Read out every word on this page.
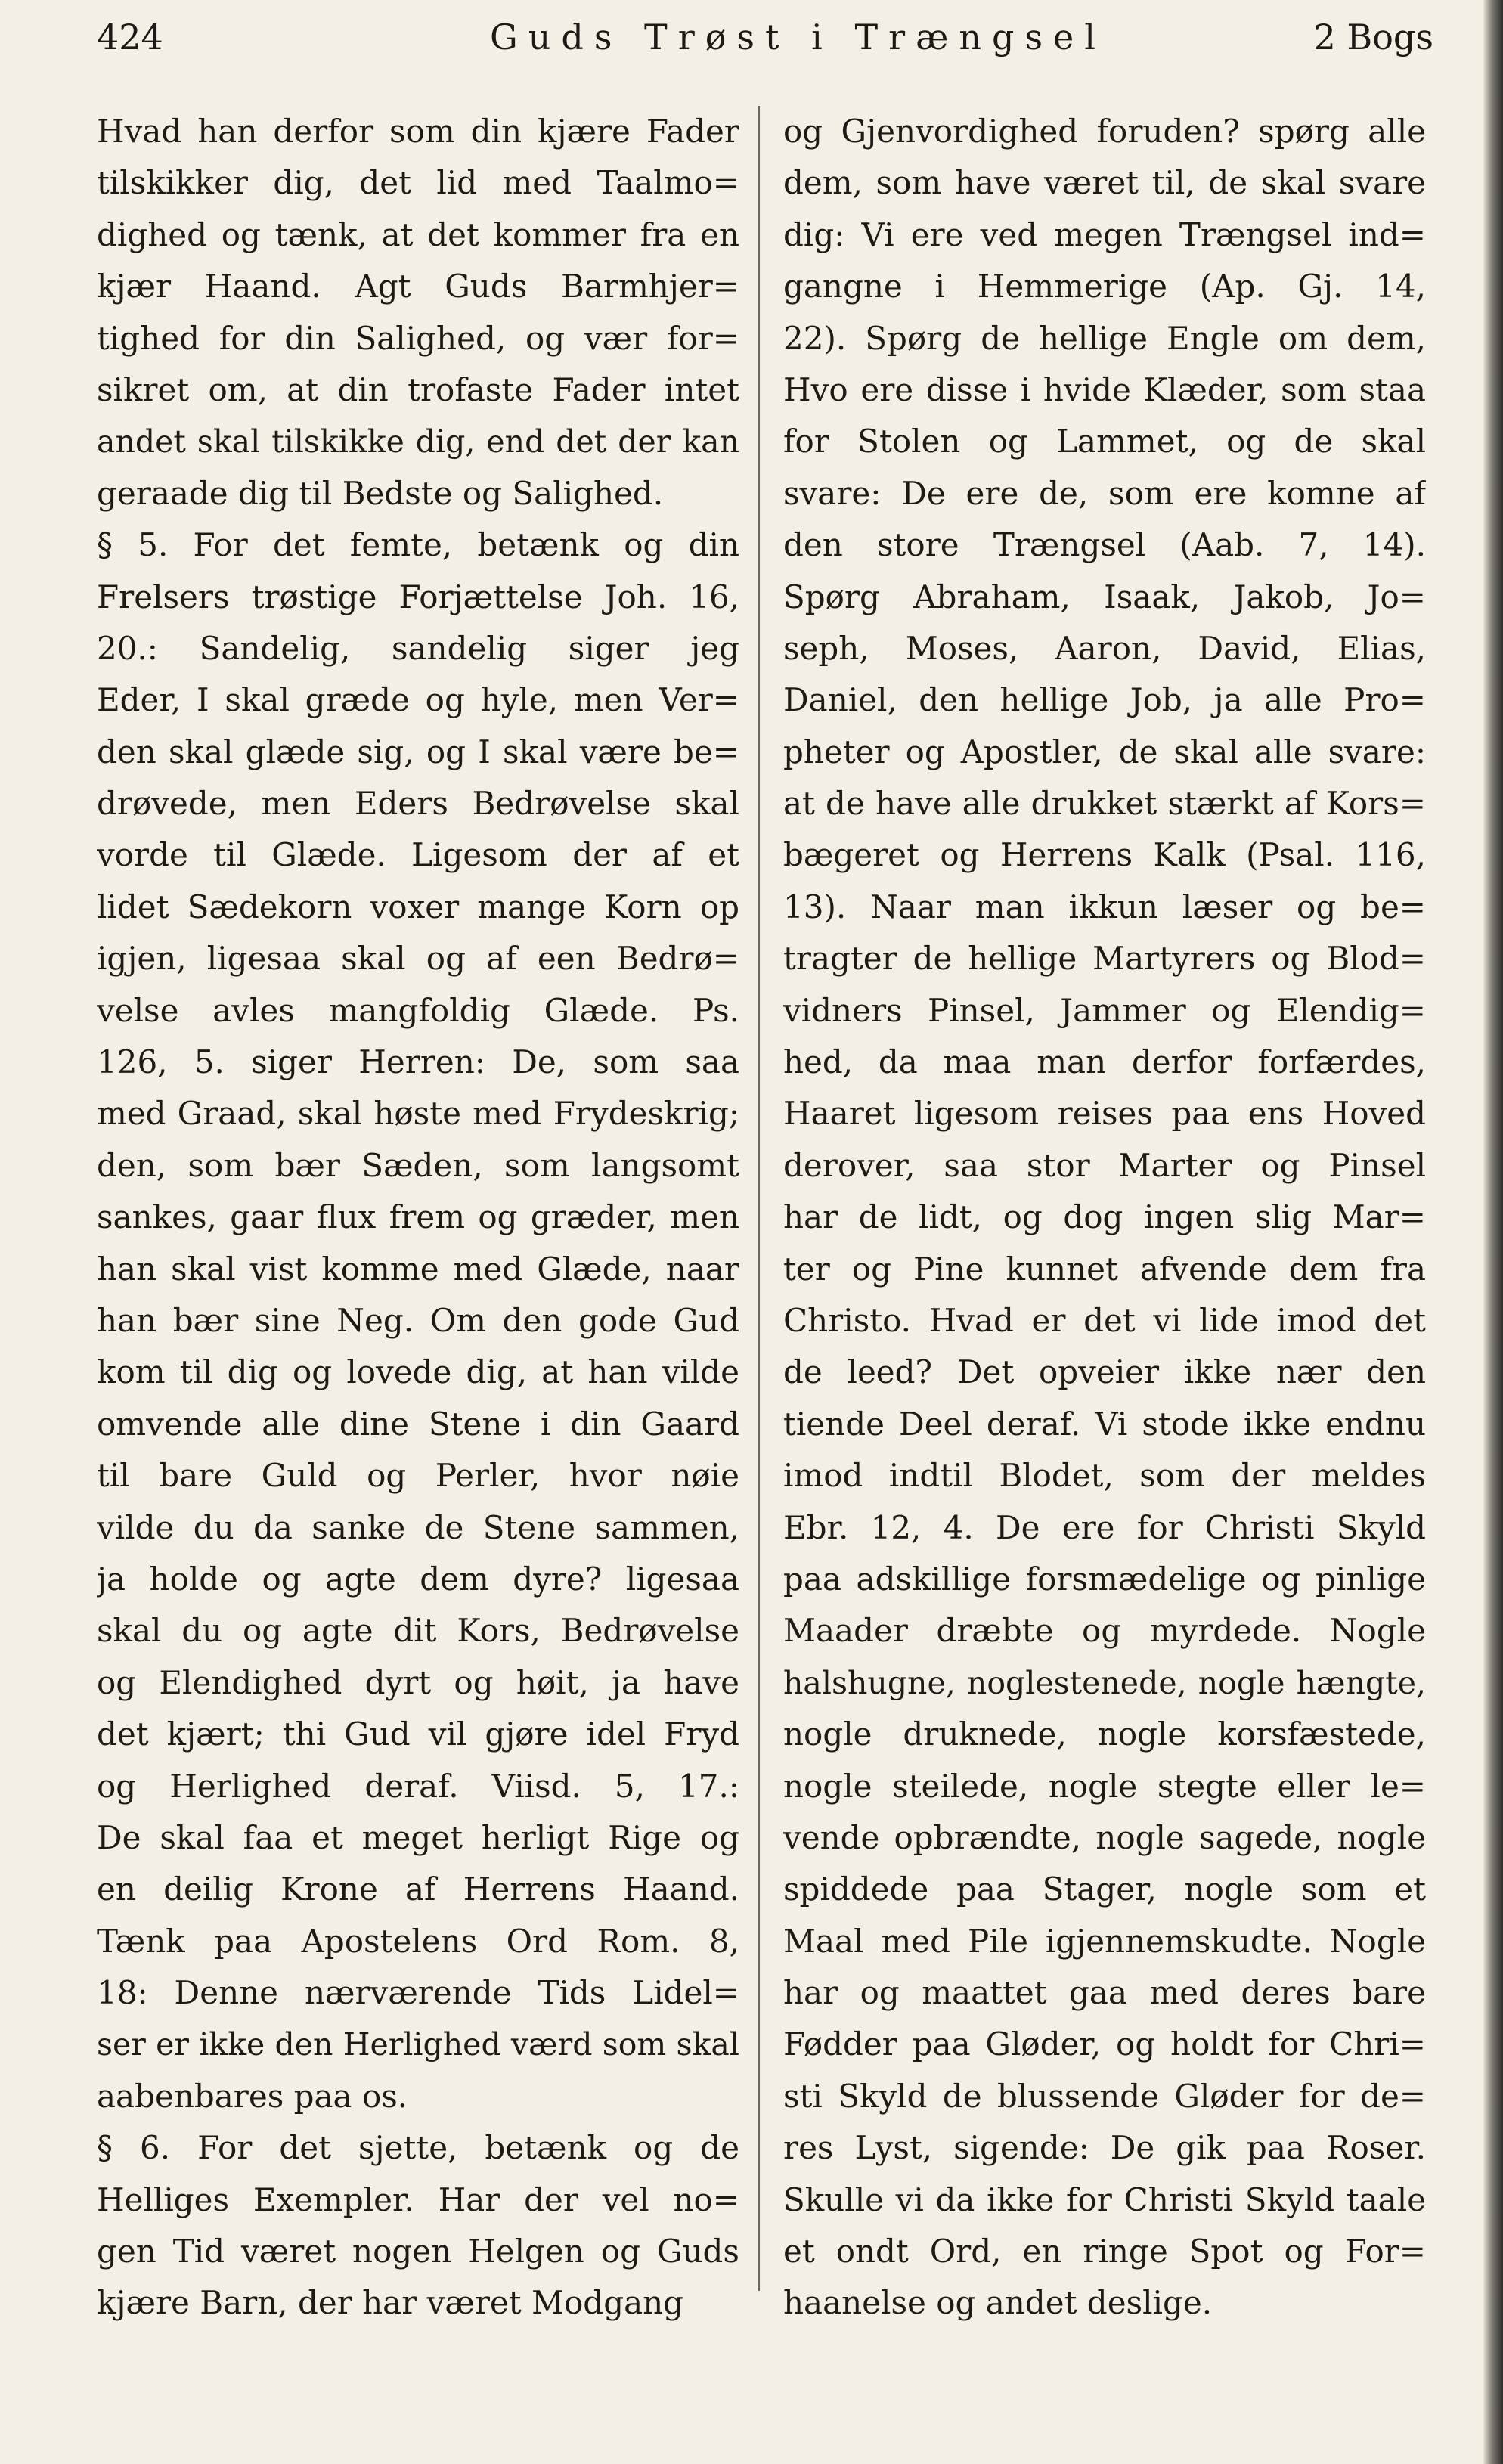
424	Guds Trøst i Trængsel	2 Bogs
Hvad han derfor som din kjære Fader
tilskikker dig, det lid med Taalmo=
dighed og tænk, at det kommer fra en
kjær Haand. Agt Guds Barmhjer=
tighed for din Salighed, og vær for=
sikret om, at din trofaste Fader intet
andet skal tilskikke dig, end det der kan
geraade dig til Bedste og Salighed.
§ 5. For det femte, betænk og din
Frelsers trøstige Forjættelse Joh. 16,
20.: Sandelig, sandelig siger jeg
Eder, I skal græde og hyle, men Ver=
den skal glæde sig, og I skal være be=
drøvede, men Eders Bedrøvelse skal
vorde til Glæde. Ligesom der af et
lidet Sædekorn voxer mange Korn op
igjen, ligesaa skal og af een Bedrø=
velse avles mangfoldig Glæde. Ps.
126, 5. siger Herren: De, som saa
med Graad, skal høste med Frydeskrig;
den, som bær Sæden, som langsomt
sankes, gaar flux frem og græder, men
han skal vist komme med Glæde, naar
han bær sine Neg. Om den gode Gud
kom til dig og lovede dig, at han vilde
omvende alle dine Stene i din Gaard
til bare Guld og Perler, hvor nøie
vilde du da sanke de Stene sammen,
ja holde og agte dem dyre? ligesaa
skal du og agte dit Kors, Bedrøvelse
og Elendighed dyrt og høit, ja have
det kjært; thi Gud vil gjøre idel Fryd
og Herlighed deraf. Viisd. 5, 17.:
De skal faa et meget herligt Rige og
en deilig Krone af Herrens Haand.
Tænk paa Apostelens Ord Rom. 8,
18: Denne nærværende Tids Lidel=
ser er ikke den Herlighed værd som skal
aabenbares paa os.
§ 6. For det sjette, betænk og de
Helliges Exempler. Har der vel no=
gen Tid været nogen Helgen og Guds
kjære Barn, der har været Modgang
og Gjenvordighed foruden? spørg alle
dem, som have været til, de skal svare
dig: Vi ere ved megen Trængsel ind=
gangne i Hemmerige (Ap. Gj. 14,
22). Spørg de hellige Engle om dem,
Hvo ere disse i hvide Klæder, som staa
for Stolen og Lammet, og de skal
svare: De ere de, som ere komne af
den store Trængsel (Aab. 7, 14).
Spørg Abraham, Isaak, Jakob, Jo=
seph, Moses, Aaron, David, Elias,
Daniel, den hellige Job, ja alle Pro=
pheter og Apostler, de skal alle svare:
at de have alle drukket stærkt af Kors=
bægeret og Herrens Kalk (Psal. 116,
13). Naar man ikkun læser og be=
tragter de hellige Martyrers og Blod=
vidners Pinsel, Jammer og Elendig=
hed, da maa man derfor forfærdes,
Haaret ligesom reises paa ens Hoved
derover, saa stor Marter og Pinsel
har de lidt, og dog ingen slig Mar=
ter og Pine kunnet afvende dem fra
Christo. Hvad er det vi lide imod det
de leed? Det opveier ikke nær den
tiende Deel deraf. Vi stode ikke endnu
imod indtil Blodet, som der meldes
Ebr. 12, 4. De ere for Christi Skyld
paa adskillige forsmædelige og pinlige
Maader dræbte og myrdede. Nogle
halshugne, noglestenede, nogle hængte,
nogle druknede, nogle korsfæstede,
nogle steilede, nogle stegte eller le=
vende opbrændte, nogle sagede, nogle
spiddede paa Stager, nogle som et
Maal med Pile igjennemskudte. Nogle
har og maattet gaa med deres bare
Fødder paa Gløder, og holdt for Chri=
sti Skyld de blussende Gløder for de=
res Lyst, sigende: De gik paa Roser.
Skulle vi da ikke for Christi Skyld taale
et ondt Ord, en ringe Spot og For=
haanelse og andet deslige.
